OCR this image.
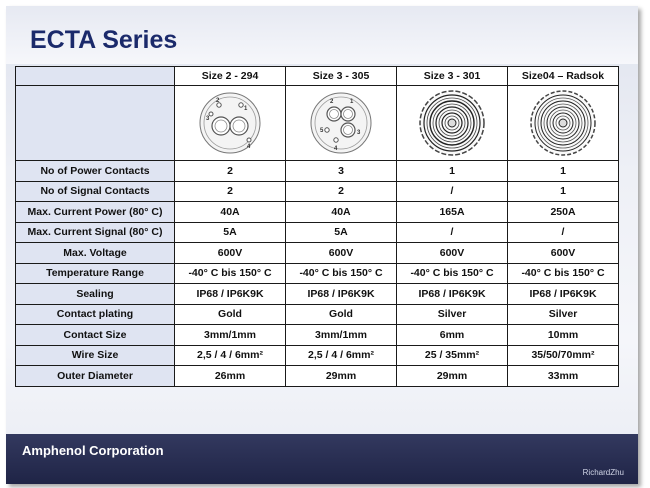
ECTA Series
	Size 2 - 294	Size 3 - 305	Size 3 - 301	Size04 – Radsok

2
1
3
4	2 1
3
5
4

No of Power Contacts	2	3	1	1
No of Signal Contacts	2	2	/	1
Max. Current Power (80° C)	40A	40A	165A	250A
Max. Current Signal (80° C)	5A	5A	/	/
Max. Voltage	600V	600V	600V	600V
Temperature Range	-40° C bis 150° C	-40° C bis 150° C	-40° C bis 150° C	-40° C bis 150° C
Sealing	IP68 / IP6K9K	IP68 / IP6K9K	IP68 / IP6K9K	IP68 / IP6K9K
Contact plating	Gold	Gold	Silver	Silver
Contact Size	3mm/1mm	3mm/1mm	6mm	10mm
Wire Size	2,5 / 4 / 6mm²	2,5 / 4 / 6mm²	25 / 35mm²	35/50/70mm²
Outer Diameter	26mm	29mm	29mm	33mm
Amphenol Corporation
RichardZhu
